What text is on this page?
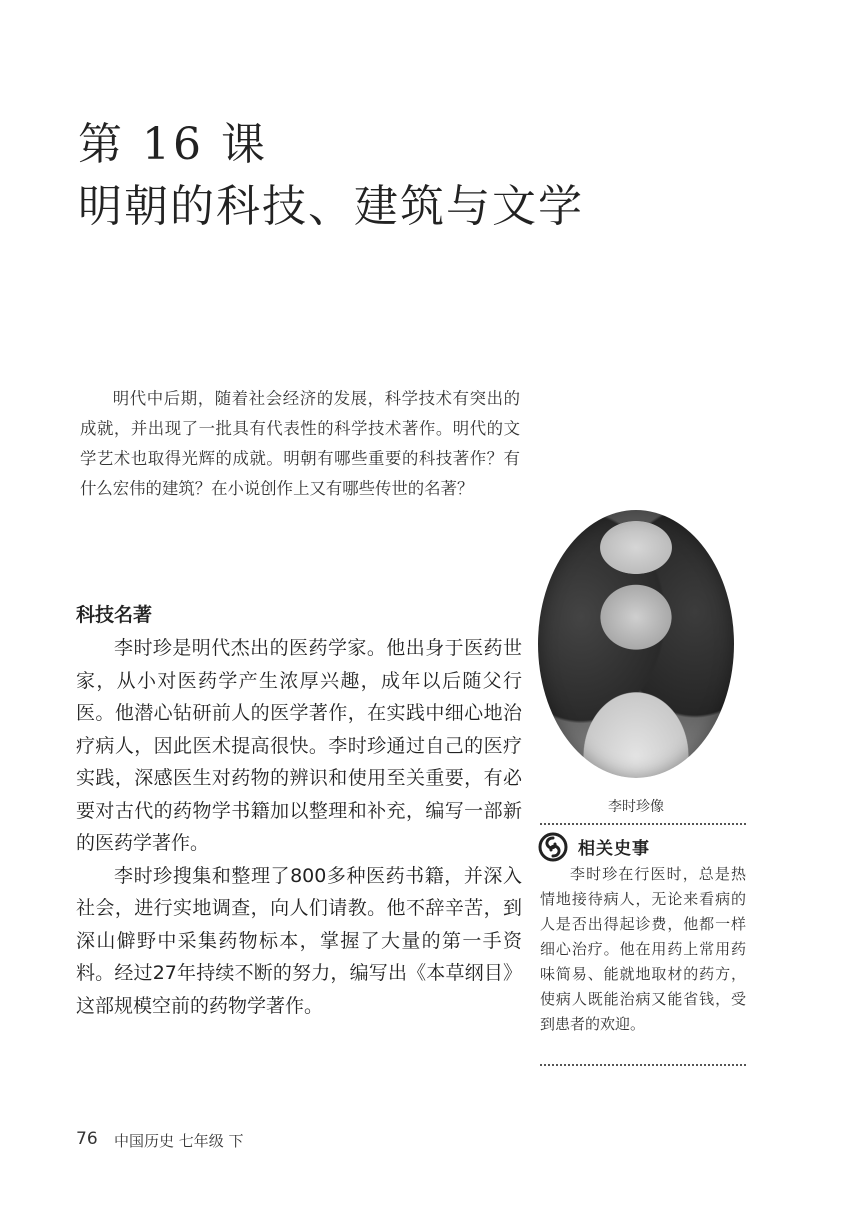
第 16 课
明朝的科技、建筑与文学

明代中后期，随着社会经济的发展，科学技术有突出的成就，并出现了一批具有代表性的科学技术著作。明代的文学艺术也取得光辉的成就。明朝有哪些重要的科技著作？有什么宏伟的建筑？在小说创作上又有哪些传世的名著？

科技名著

李时珍是明代杰出的医药学家。他出身于医药世家，从小对医药学产生浓厚兴趣，成年以后随父行医。他潜心钻研前人的医学著作，在实践中细心地治疗病人，因此医术提高很快。李时珍通过自己的医疗实践，深感医生对药物的辨识和使用至关重要，有必要对古代的药物学书籍加以整理和补充，编写一部新的医药学著作。

李时珍搜集和整理了800多种医药书籍，并深入社会，进行实地调查，向人们请教。他不辞辛苦，到深山僻野中采集药物标本，掌握了大量的第一手资料。经过27年持续不断的努力，编写出《本草纲目》这部规模空前的药物学著作。

李时珍像
相关史事

李时珍在行医时，总是热情地接待病人，无论来看病的人是否出得起诊费，他都一样细心治疗。他在用药上常用药味简易、能就地取材的药方，使病人既能治病又能省钱，受到患者的欢迎。

76 中国历史 七年级 下
